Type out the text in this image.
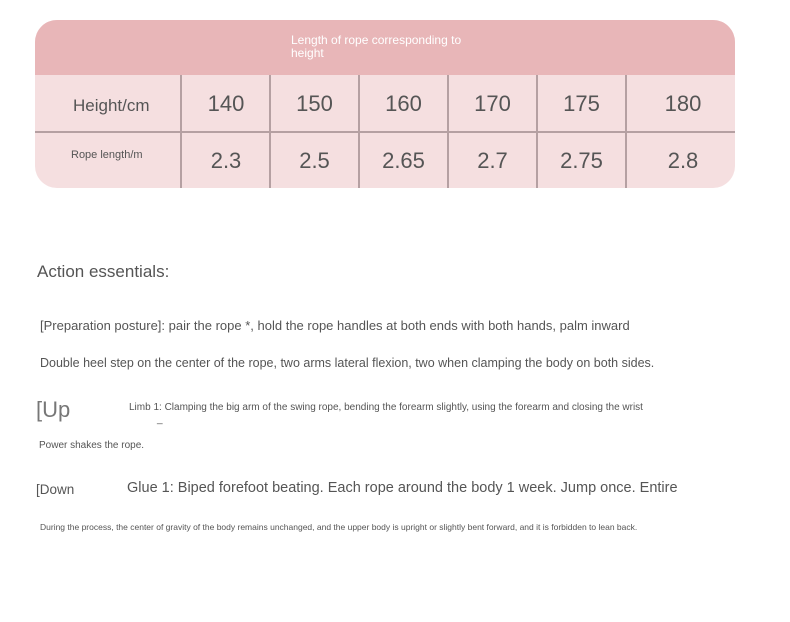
Length of rope corresponding to height
Height/cm	140	150	160	170	175	180
Rope length/m	2.3	2.5	2.65	2.7	2.75	2.8
Action essentials:
[Preparation posture]: pair the rope *, hold the rope handles at both ends with both hands, palm inward
Double heel step on the center of the rope, two arms lateral flexion, two when clamping the body on both sides.
[Up	Limb 1: Clamping the big arm of the swing rope, bending the forearm slightly, using the forearm and closing the wrist
_
Power shakes the rope.
[Down	Glue 1: Biped forefoot beating. Each rope around the body 1 week. Jump once. Entire
During the process, the center of gravity of the body remains unchanged, and the upper body is upright or slightly bent forward, and it is forbidden to lean back.
